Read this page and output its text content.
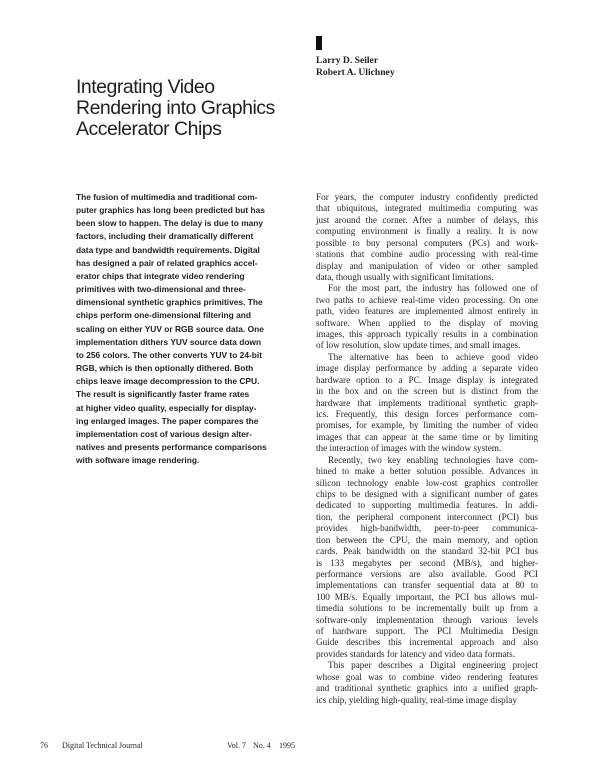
Larry D. Seiler
Robert A. Ulichney
Integrating Video
Rendering into Graphics
Accelerator Chips
The fusion of multimedia and traditional com-
puter graphics has long been predicted but has
been slow to happen. The delay is due to many
factors, including their dramatically different
data type and bandwidth requirements. Digital
has designed a pair of related graphics accel-
erator chips that integrate video rendering
primitives with two-dimensional and three-
dimensional synthetic graphics primitives. The
chips perform one-dimensional filtering and
scaling on either YUV or RGB source data. One
implementation dithers YUV source data down
to 256 colors. The other converts YUV to 24-bit
RGB, which is then optionally dithered. Both
chips leave image decompression to the CPU.
The result is significantly faster frame rates
at higher video quality, especially for display-
ing enlarged images. The paper compares the
implementation cost of various design alter-
natives and presents performance comparisons
with software image rendering.
For years, the computer industry confidently predicted
that ubiquitous, integrated multimedia computing was
just around the corner. After a number of delays, this
computing environment is finally a reality. It is now
possible to buy personal computers (PCs) and work-
stations that combine audio processing with real-time
display and manipulation of video or other sampled
data, though usually with significant limitations.
For the most part, the industry has followed one of
two paths to achieve real-time video processing. On one
path, video features are implemented almost entirely in
software. When applied to the display of moving
images, this approach typically results in a combination
of low resolution, slow update times, and small images.
The alternative has been to achieve good video
image display performance by adding a separate video
hardware option to a PC. Image display is integrated
in the box and on the screen but is distinct from the
hardware that implements traditional synthetic graph-
ics. Frequently, this design forces performance com-
promises, for example, by limiting the number of video
images that can appear at the same time or by limiting
the interaction of images with the window system.
Recently, two key enabling technologies have com-
bined to make a better solution possible. Advances in
silicon technology enable low-cost graphics controller
chips to be designed with a significant number of gates
dedicated to supporting multimedia features. In addi-
tion, the peripheral component interconnect (PCI) bus
provides high-bandwidth, peer-to-peer communica-
tion between the CPU, the main memory, and option
cards. Peak bandwidth on the standard 32-bit PCI bus
is 133 megabytes per second (MB/s), and higher-
performance versions are also available. Good PCI
implementations can transfer sequential data at 80 to
100 MB/s. Equally important, the PCI bus allows mul-
timedia solutions to be incrementally built up from a
software-only implementation through various levels
of hardware support. The PCI Multimedia Design
Guide describes this incremental approach and also
provides standards for latency and video data formats.
This paper describes a Digital engineering project
whose goal was to combine video rendering features
and traditional synthetic graphics into a unified graph-
ics chip, yielding high-quality, real-time image display
76 Digital Technical Journal	Vol. 7 No. 4 1995
